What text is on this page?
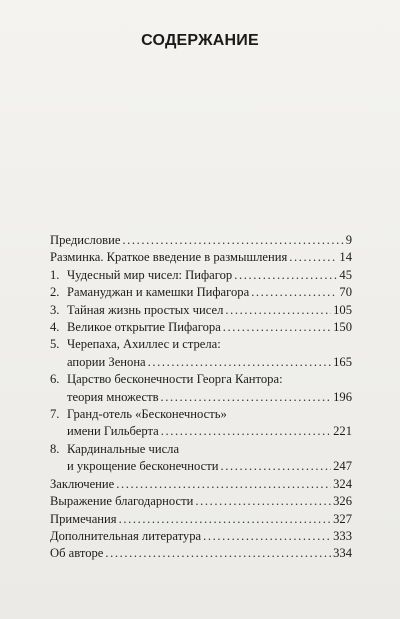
СОДЕРЖАНИЕ
Предисловие .....	9
Разминка. Краткое введение в размышления .....	14
1. Чудесный мир чисел: Пифагор .....	45
2. Рамануджан и камешки Пифагора .....	70
3. Тайная жизнь простых чисел .....	105
4. Великое открытие Пифагора .....	150
5. Черепаха, Ахиллес и стрела:
апории Зенона .....	165
6. Царство бесконечности Георга Кантора:
теория множеств .....	196
7. Гранд-отель «Бесконечность»
имени Гильберта .....	221
8. Кардинальные числа
и укрощение бесконечности .....	247
Заключение .....	324
Выражение благодарности .....	326
Примечания .....	327
Дополнительная литература .....	333
Об авторе .....	334
